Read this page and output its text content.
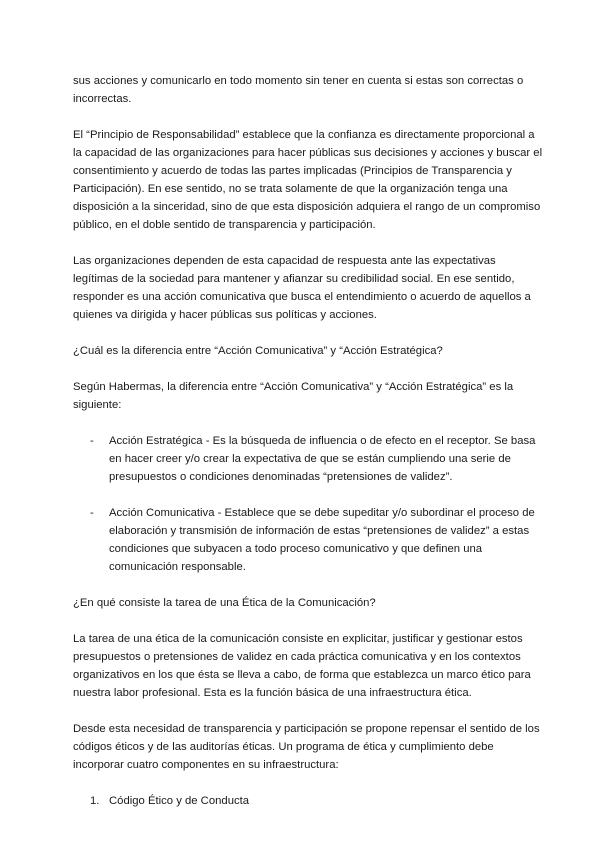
sus acciones y comunicarlo en todo momento sin tener en cuenta si estas son correctas o incorrectas.

El “Principio de Responsabilidad” establece que la confianza es directamente proporcional a la capacidad de las organizaciones para hacer públicas sus decisiones y acciones y buscar el consentimiento y acuerdo de todas las partes implicadas (Principios de Transparencia y Participación). En ese sentido, no se trata solamente de que la organización tenga una disposición a la sinceridad, sino de que esta disposición adquiera el rango de un compromiso público, en el doble sentido de transparencia y participación.

Las organizaciones dependen de esta capacidad de respuesta ante las expectativas legítimas de la sociedad para mantener y afianzar su credibilidad social. En ese sentido, responder es una acción comunicativa que busca el entendimiento o acuerdo de aquellos a quienes va dirigida y hacer públicas sus políticas y acciones.

¿Cuál es la diferencia entre “Acción Comunicativa” y “Acción Estratégica?

Según Habermas, la diferencia entre “Acción Comunicativa” y “Acción Estratégica” es la siguiente:

- Acción Estratégica - Es la búsqueda de influencia o de efecto en el receptor. Se basa en hacer creer y/o crear la expectativa de que se están cumpliendo una serie de presupuestos o condiciones denominadas “pretensiones de validez”.
- Acción Comunicativa - Establece que se debe supeditar y/o subordinar el proceso de elaboración y transmisión de información de estas “pretensiones de validez” a estas condiciones que subyacen a todo proceso comunicativo y que definen una comunicación responsable.

¿En qué consiste la tarea de una Ética de la Comunicación?

La tarea de una ética de la comunicación consiste en explicitar, justificar y gestionar estos presupuestos o pretensiones de validez en cada práctica comunicativa y en los contextos organizativos en los que ésta se lleva a cabo, de forma que establezca un marco ético para nuestra labor profesional. Esta es la función básica de una infraestructura ética.

Desde esta necesidad de transparencia y participación se propone repensar el sentido de los códigos éticos y de las auditorías éticas. Un programa de ética y cumplimiento debe incorporar cuatro componentes en su infraestructura:

1. Código Ético y de Conducta
